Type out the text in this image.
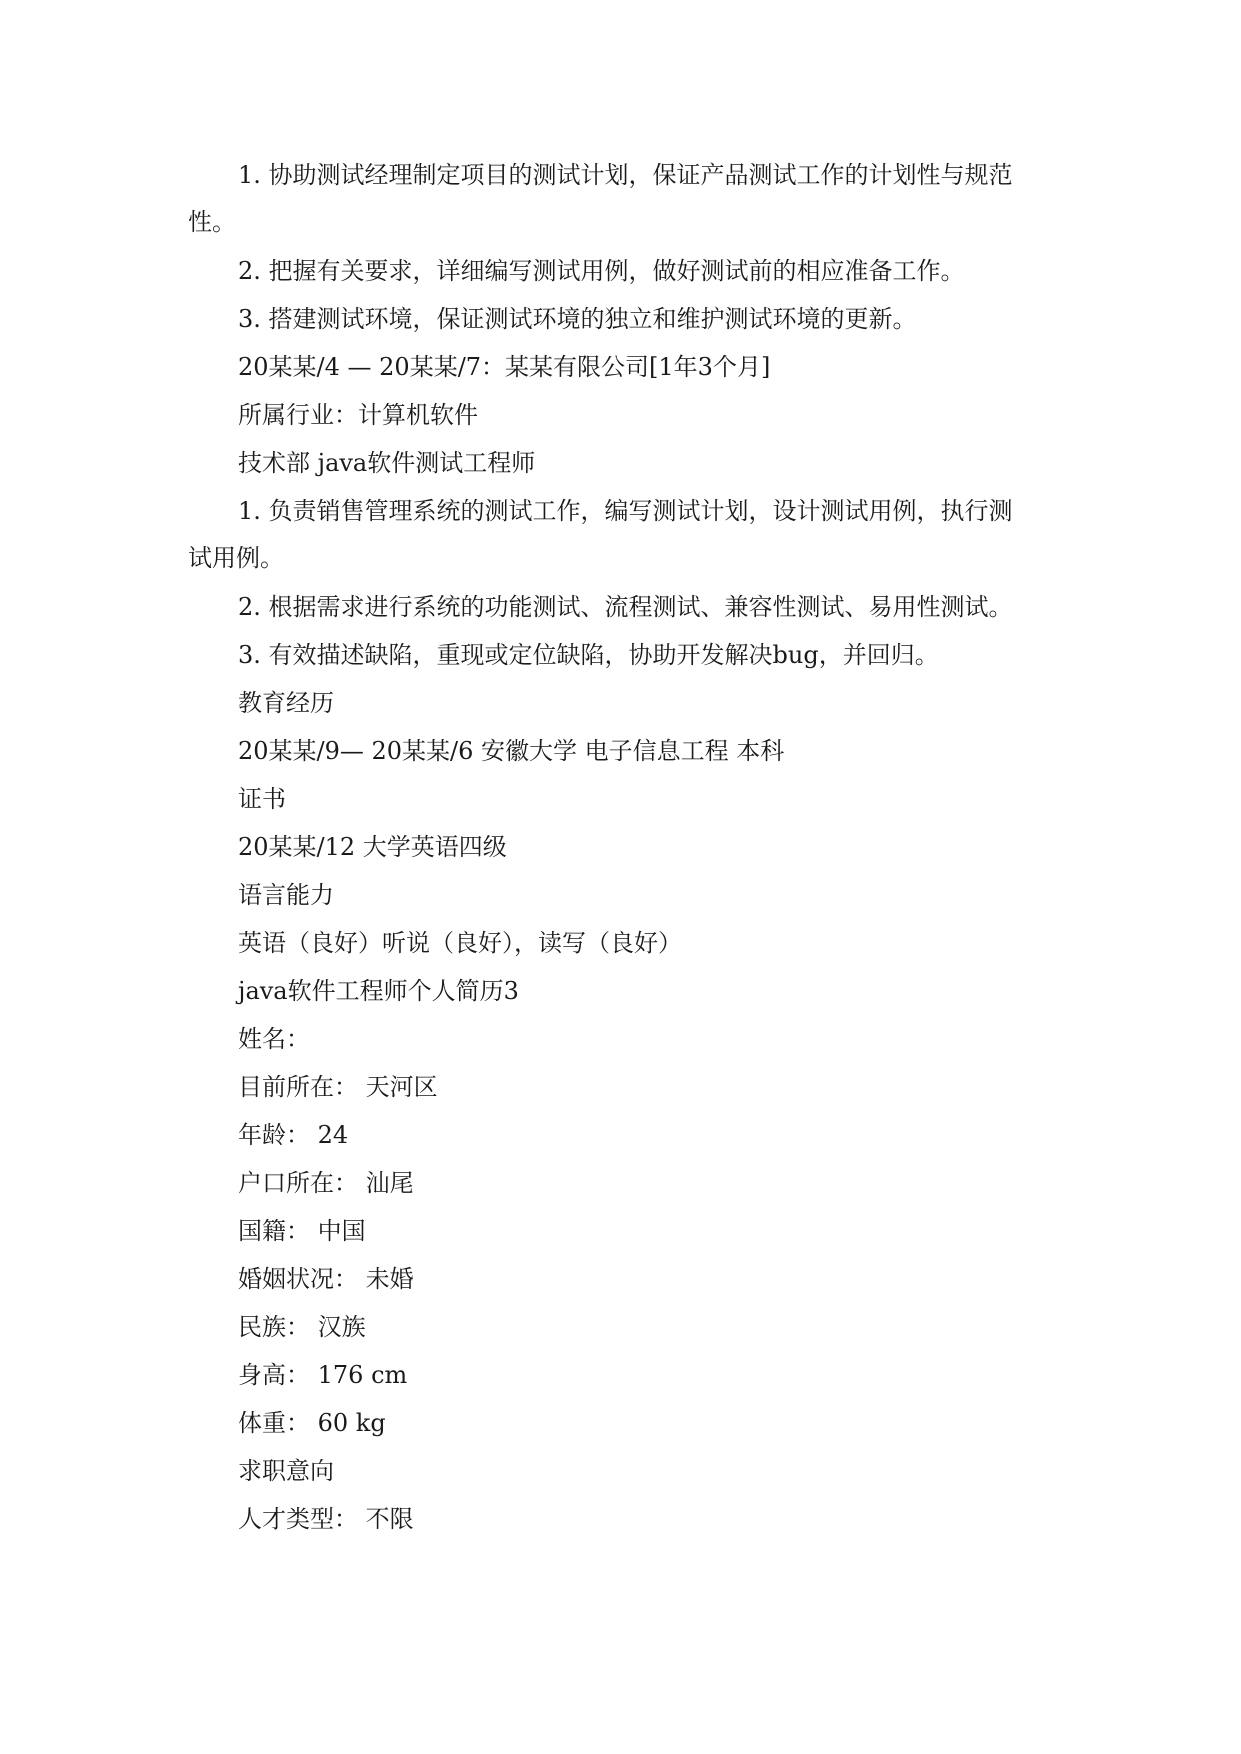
1. 协助测试经理制定项目的测试计划，保证产品测试工作的计划性与规范
性。
2. 把握有关要求，详细编写测试用例，做好测试前的相应准备工作。
3. 搭建测试环境，保证测试环境的独立和维护测试环境的更新。
20某某/4 — 20某某/7：某某有限公司[1年3个月]
所属行业：计算机软件
技术部 java软件测试工程师
1. 负责销售管理系统的测试工作，编写测试计划，设计测试用例，执行测
试用例。
2. 根据需求进行系统的功能测试、流程测试、兼容性测试、易用性测试。
3. 有效描述缺陷，重现或定位缺陷，协助开发解决bug，并回归。
教育经历
20某某/9— 20某某/6 安徽大学 电子信息工程 本科
证书
20某某/12 大学英语四级
语言能力
英语（良好）听说（良好），读写（良好）
java软件工程师个人简历3
姓名：
目前所在： 天河区
年龄： 24
户口所在： 汕尾
国籍： 中国
婚姻状况： 未婚
民族： 汉族
身高： 176 cm
体重： 60 kg
求职意向
人才类型： 不限
